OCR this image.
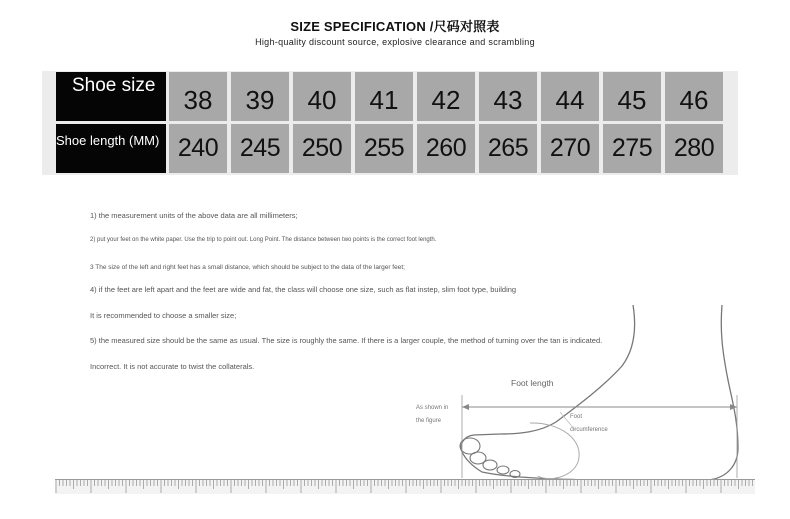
SIZE SPECIFICATION /尺码对照表
High-quality discount source, explosive clearance and scrambling
Shoe size 38 39 40 41 42 43 44 45 46
Shoe length (MM) 240 245 250 255 260 265 270 275 280
1) the measurement units of the above data are all millimeters;
2) put your feet on the white paper. Use the trip to point out. Long Point. The distance between two points is the correct foot length.
3 The size of the left and right feet has a small distance, which should be subject to the data of the larger feet;
4) if the feet are left apart and the feet are wide and fat, the class will choose one size, such as flat instep, slim foot type, building
It is recommended to choose a smaller size;
5) the measured size should be the same as usual. The size is roughly the same. If there is a larger couple, the method of turning over the tan is indicated.
Incorrect. It is not accurate to twist the collaterals.
Foot length
As shown in
the figure
Foot
circumference
